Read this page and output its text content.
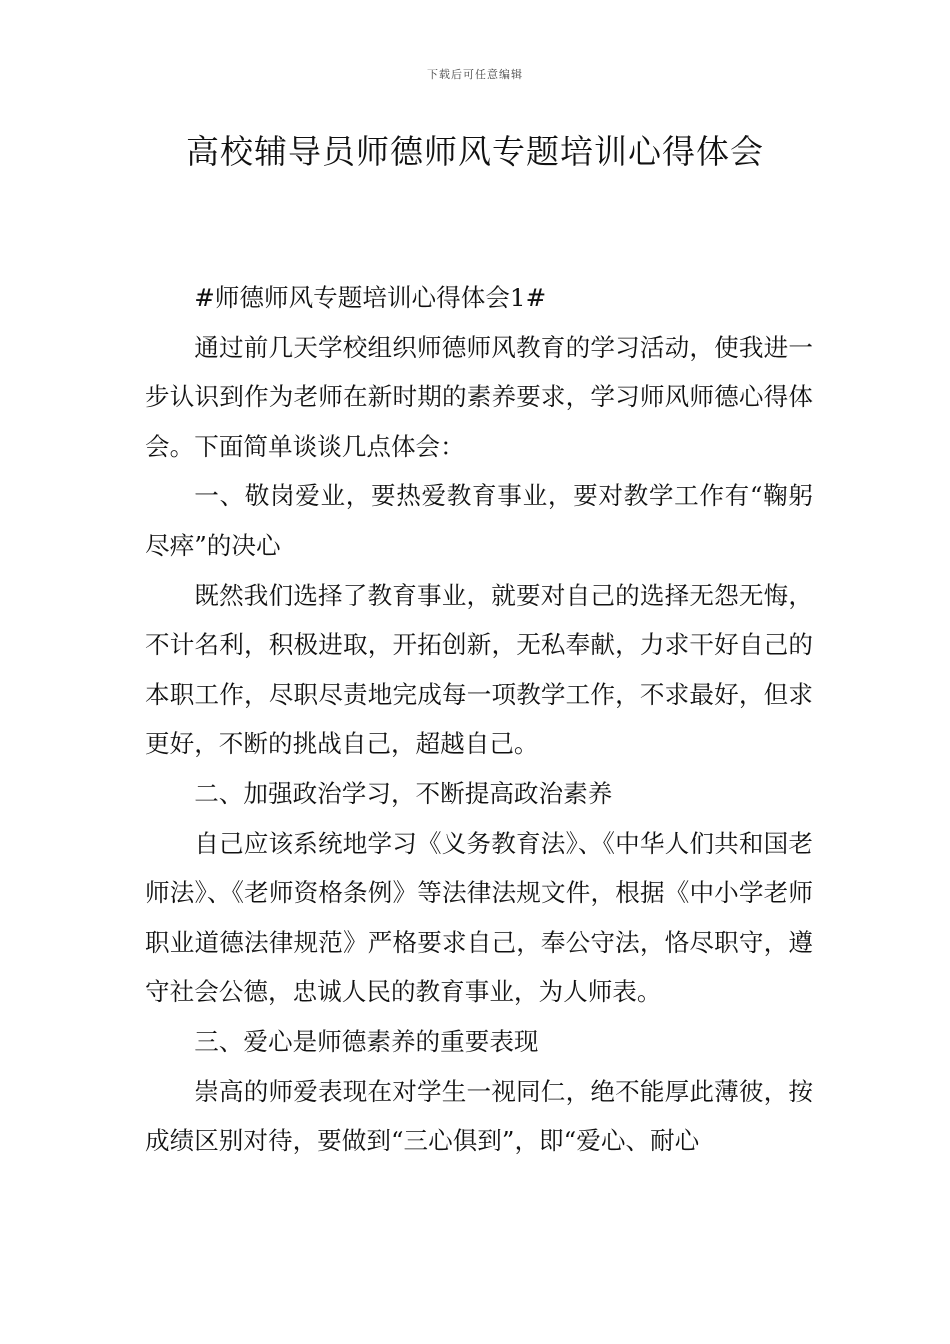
下载后可任意编辑
高校辅导员师德师风专题培训心得体会

#师德师风专题培训心得体会1#

通过前几天学校组织师德师风教育的学习活动，使我进一步认识到作为老师在新时期的素养要求，学习师风师德心得体会。下面简单谈谈几点体会：

一、敬岗爱业，要热爱教育事业，要对教学工作有“鞠躬尽瘁”的决心

既然我们选择了教育事业，就要对自己的选择无怨无悔，不计名利，积极进取，开拓创新，无私奉献，力求干好自己的本职工作，尽职尽责地完成每一项教学工作，不求最好，但求更好，不断的挑战自己，超越自己。

二、加强政治学习，不断提高政治素养

自己应该系统地学习《义务教育法》、《中华人们共和国老师法》、《老师资格条例》等法律法规文件，根据《中小学老师职业道德法律规范》严格要求自己，奉公守法，恪尽职守，遵守社会公德，忠诚人民的教育事业，为人师表。

三、爱心是师德素养的重要表现

崇高的师爱表现在对学生一视同仁，绝不能厚此薄彼，按成绩区别对待，要做到“三心俱到”，即“爱心、耐心
